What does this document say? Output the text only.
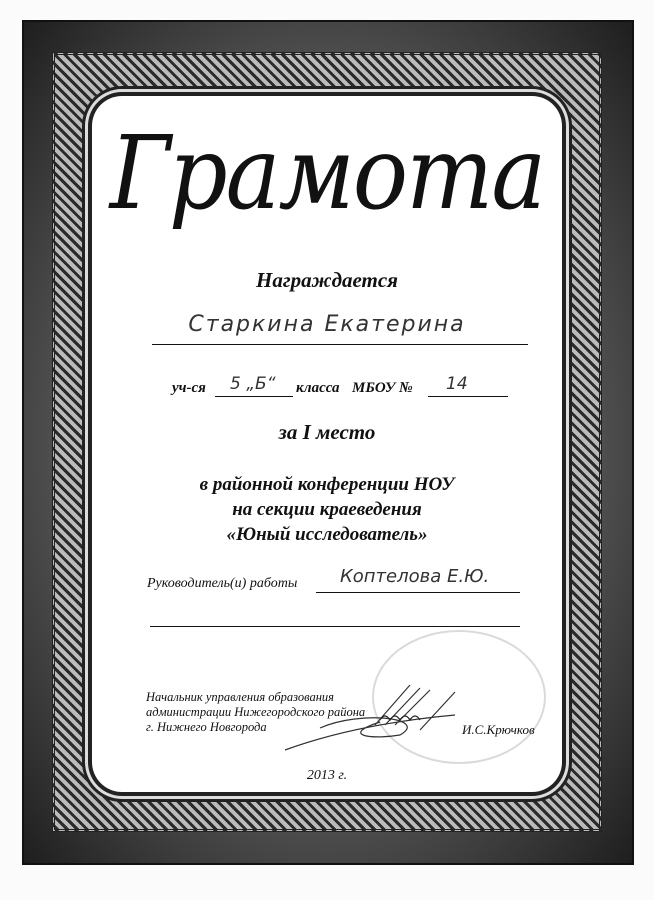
Грамота
Награждается
Старкина Екатерина
уч-ся 5 „Б“ класса МБОУ № 14
за I место
в районной конференции НОУ
на секции краеведения
«Юный исследователь»
Руководитель(и) работы Коптелова Е.Ю.
Начальник управления образования
администрации Нижегородского района
г. Нижнего Новгорода	И.С.Крючков
2013 г.
